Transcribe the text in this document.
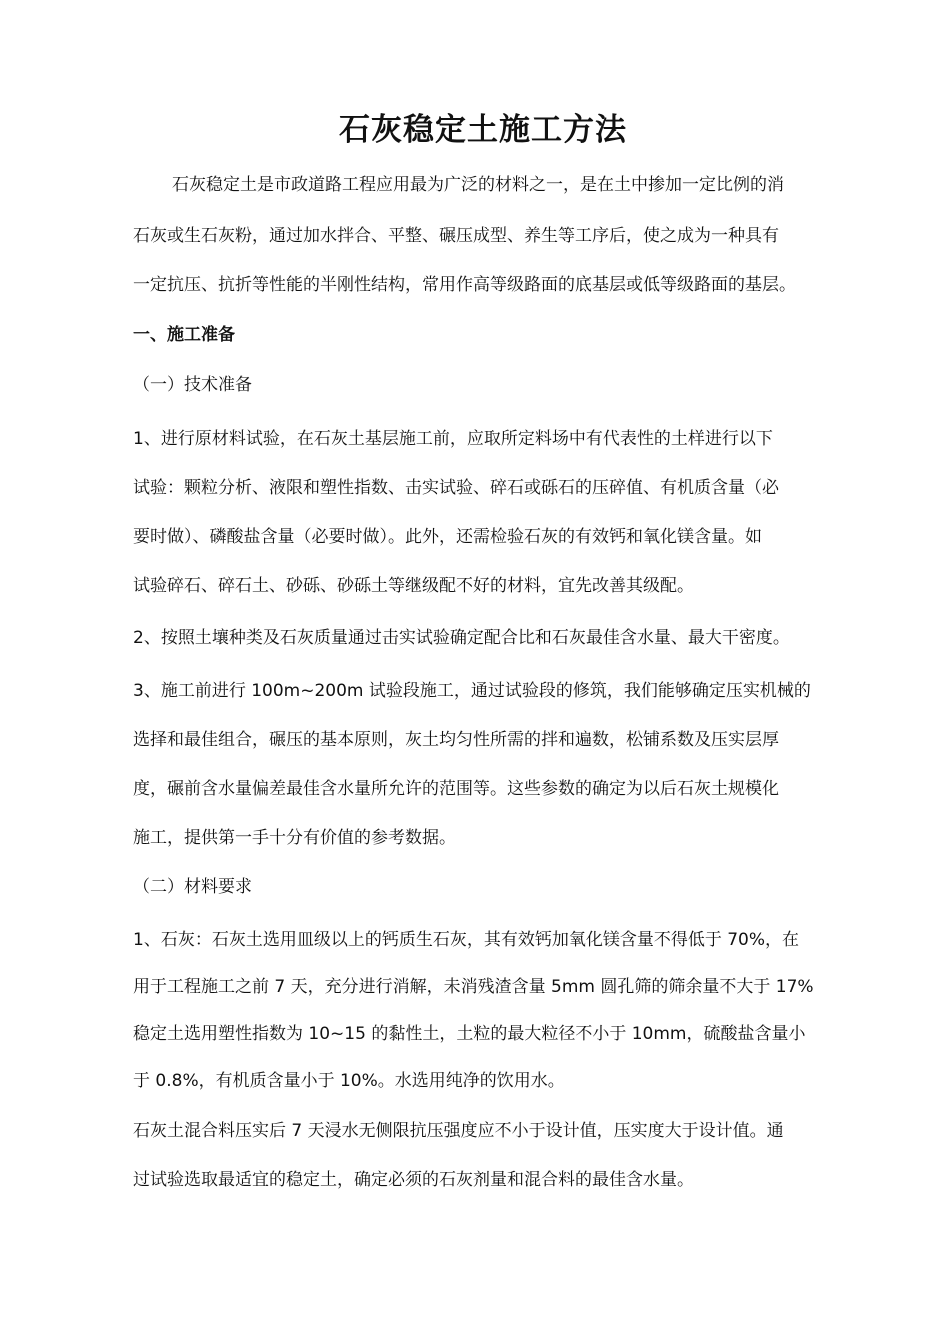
石灰稳定土施工方法
石灰稳定土是市政道路工程应用最为广泛的材料之一，是在土中掺加一定比例的消
石灰或生石灰粉，通过加水拌合、平整、碾压成型、养生等工序后，使之成为一种具有
一定抗压、抗折等性能的半刚性结构，常用作高等级路面的底基层或低等级路面的基层。
一、施工准备
（一）技术准备
1、进行原材料试验，在石灰土基层施工前，应取所定料场中有代表性的土样进行以下
试验：颗粒分析、液限和塑性指数、击实试验、碎石或砾石的压碎值、有机质含量（必
要时做）、磷酸盐含量（必要时做）。此外，还需检验石灰的有效钙和氧化镁含量。如
试验碎石、碎石土、砂砾、砂砾土等继级配不好的材料，宜先改善其级配。
2、按照土壤种类及石灰质量通过击实试验确定配合比和石灰最佳含水量、最大干密度。
3、施工前进行 100m~200m 试验段施工，通过试验段的修筑，我们能够确定压实机械的
选择和最佳组合，碾压的基本原则，灰土均匀性所需的拌和遍数，松铺系数及压实层厚
度，碾前含水量偏差最佳含水量所允许的范围等。这些参数的确定为以后石灰土规模化
施工，提供第一手十分有价值的参考数据。
（二）材料要求
1、石灰：石灰土选用皿级以上的钙质生石灰，其有效钙加氧化镁含量不得低于 70%，在
用于工程施工之前 7 天，充分进行消解，未消残渣含量 5mm 圆孔筛的筛余量不大于 17%
稳定土选用塑性指数为 10~15 的黏性土，土粒的最大粒径不小于 10mm，硫酸盐含量小
于 0.8%，有机质含量小于 10%。水选用纯净的饮用水。
石灰土混合料压实后 7 天浸水无侧限抗压强度应不小于设计值，压实度大于设计值。通
过试验选取最适宜的稳定土，确定必须的石灰剂量和混合料的最佳含水量。
